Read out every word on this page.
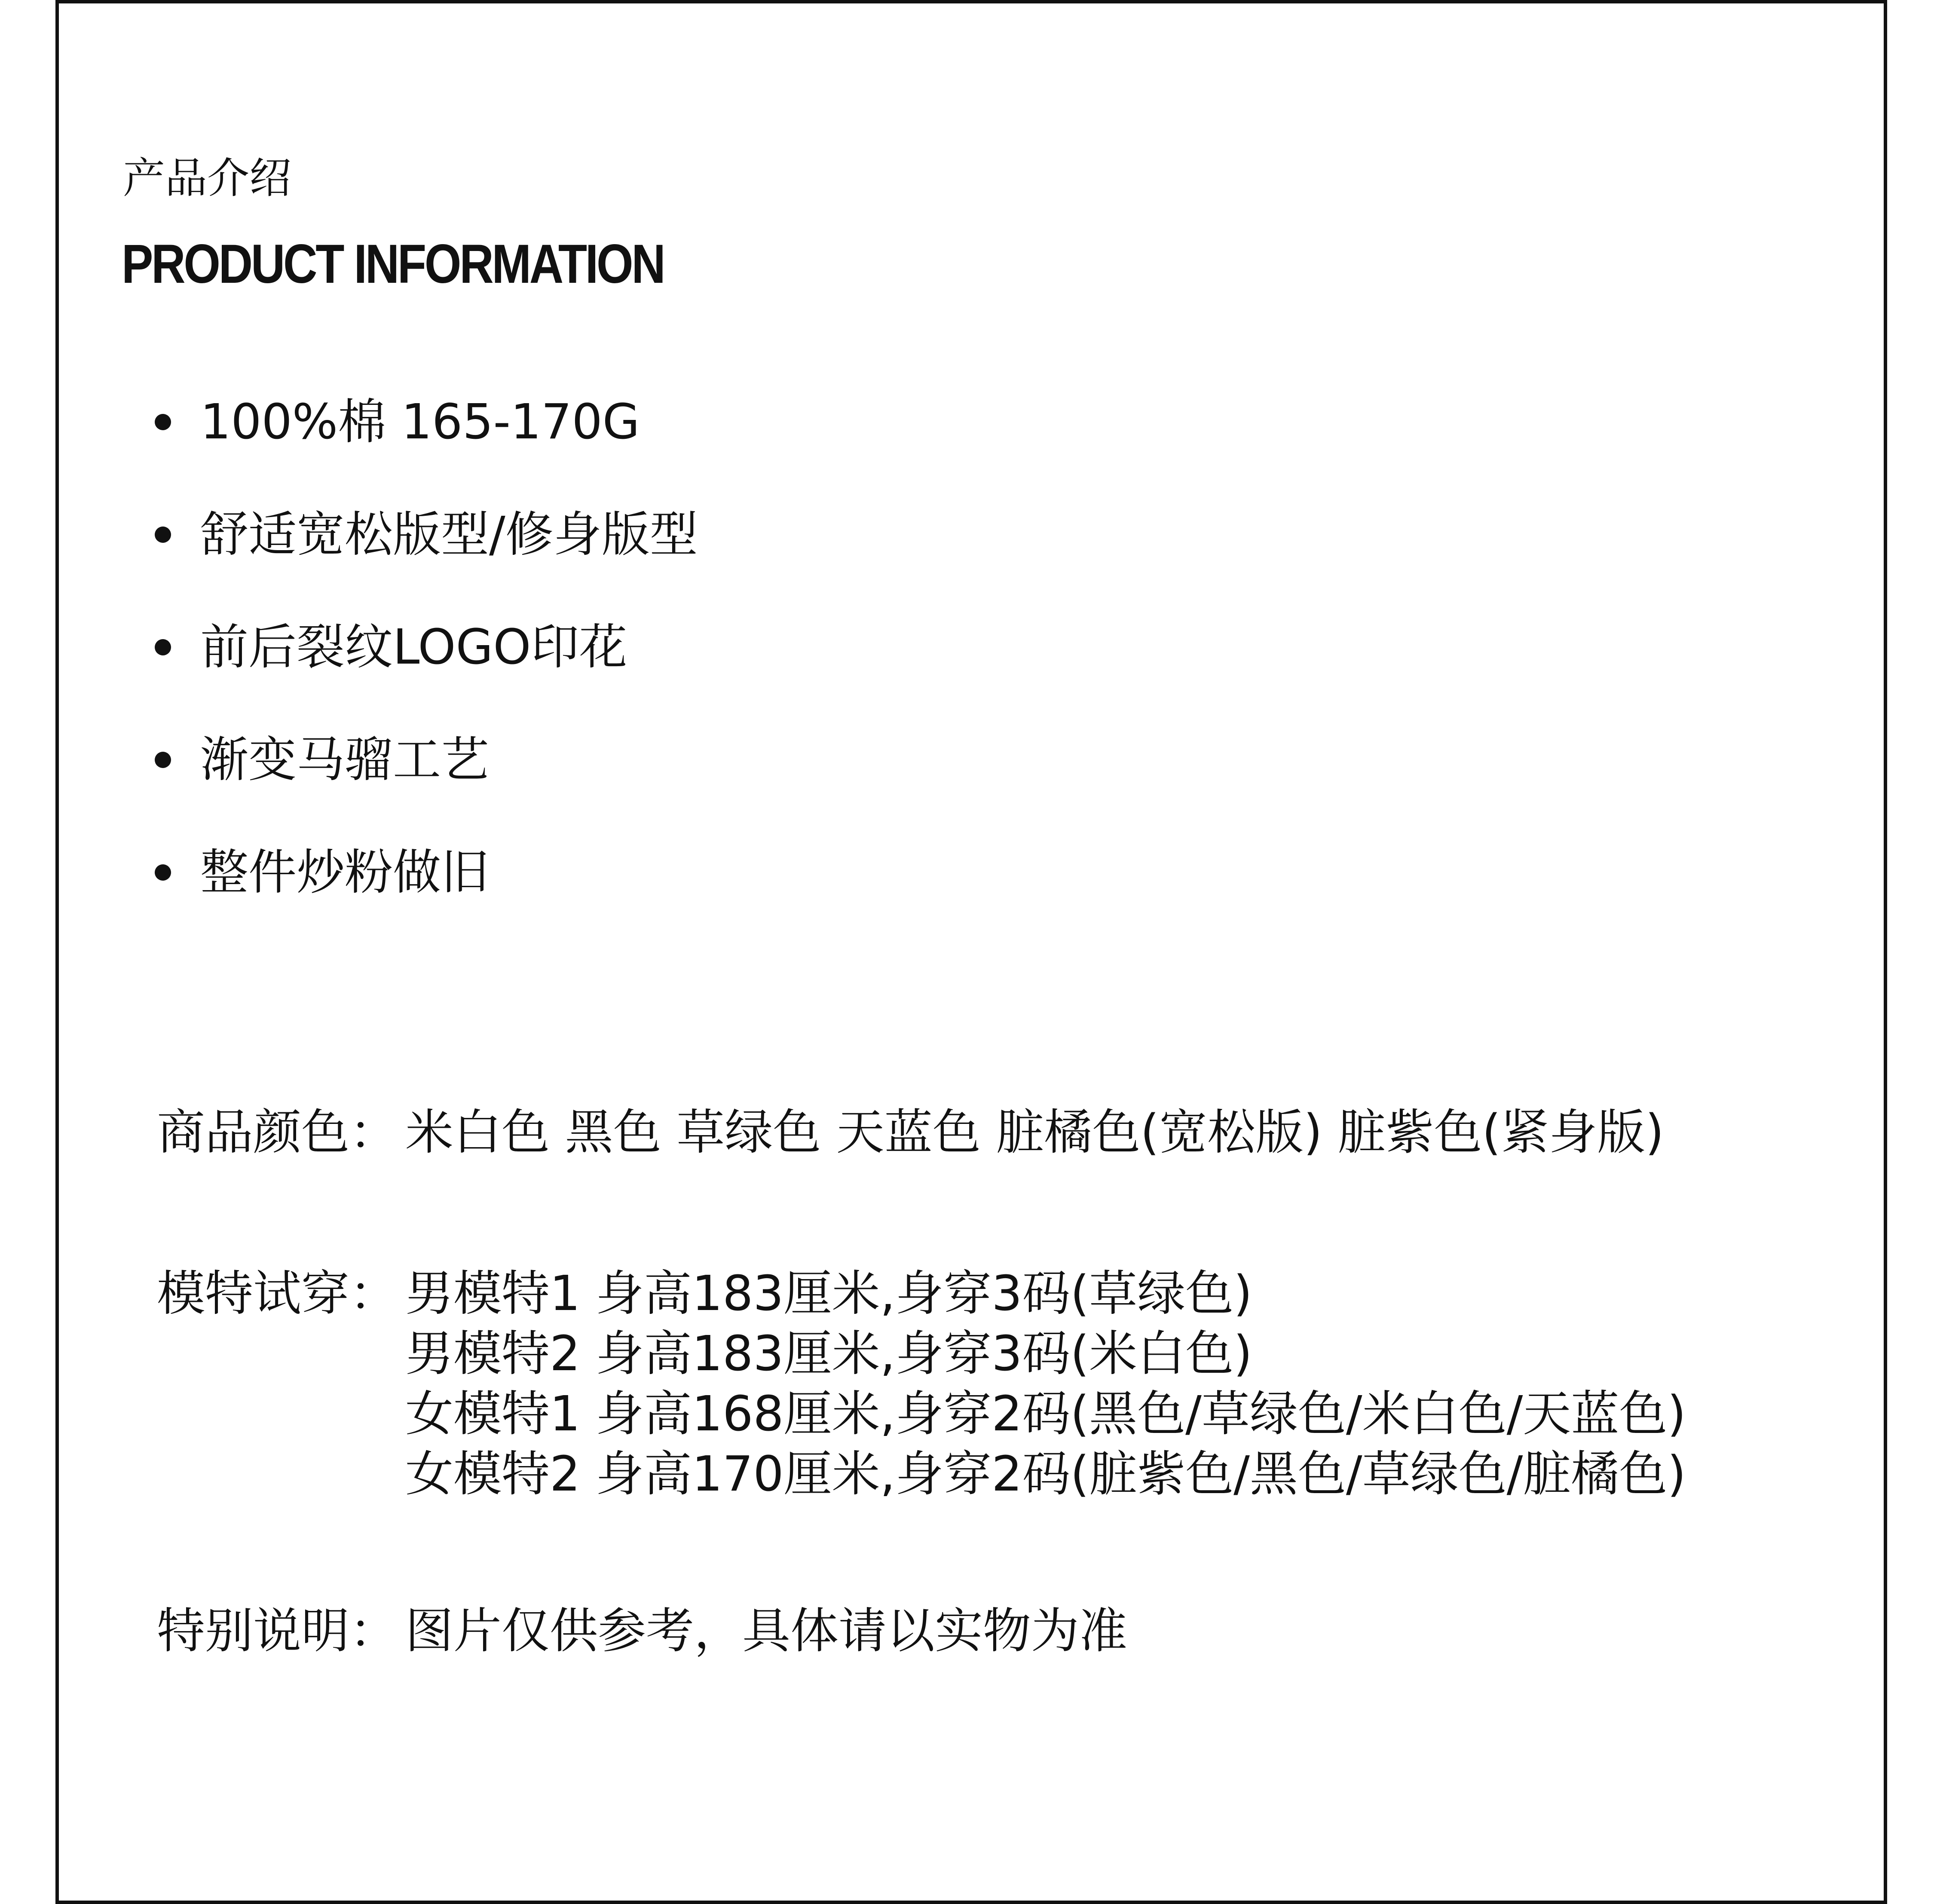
产品介绍
PRODUCT INFORMATION
100%棉 165-170G
舒适宽松版型/修身版型
前后裂纹LOGO印花
渐变马骝工艺
整件炒粉做旧
商品颜色： 米白色 黑色 草绿色 天蓝色 脏橘色(宽松版) 脏紫色(紧身版)
模特试穿： 男模特1 身高183厘米,身穿3码(草绿色)
男模特2 身高183厘米,身穿3码(米白色)
女模特1 身高168厘米,身穿2码(黑色/草绿色/米白色/天蓝色)
女模特2 身高170厘米,身穿2码(脏紫色/黑色/草绿色/脏橘色)
特别说明： 图片仅供参考，具体请以实物为准
